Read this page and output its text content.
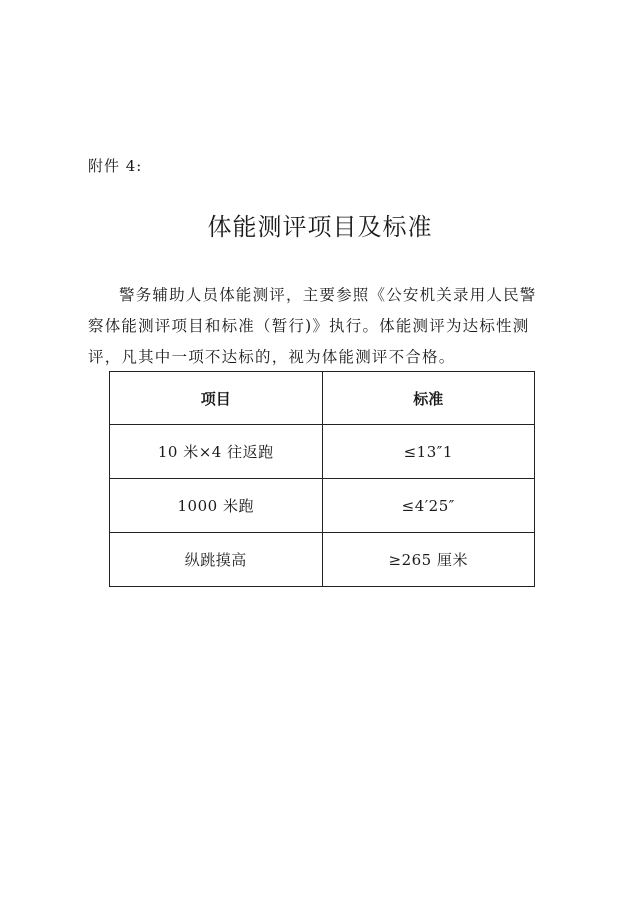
附件 4:
体能测评项目及标准

警务辅助人员体能测评，主要参照《公安机关录用人民警察体能测评项目和标准（暂行)》执行。体能测评为达标性测评，凡其中一项不达标的，视为体能测评不合格。

项目	标准
10 米×4 往返跑	≤13″1
1000 米跑	≤4′25″
纵跳摸高	≥265 厘米
